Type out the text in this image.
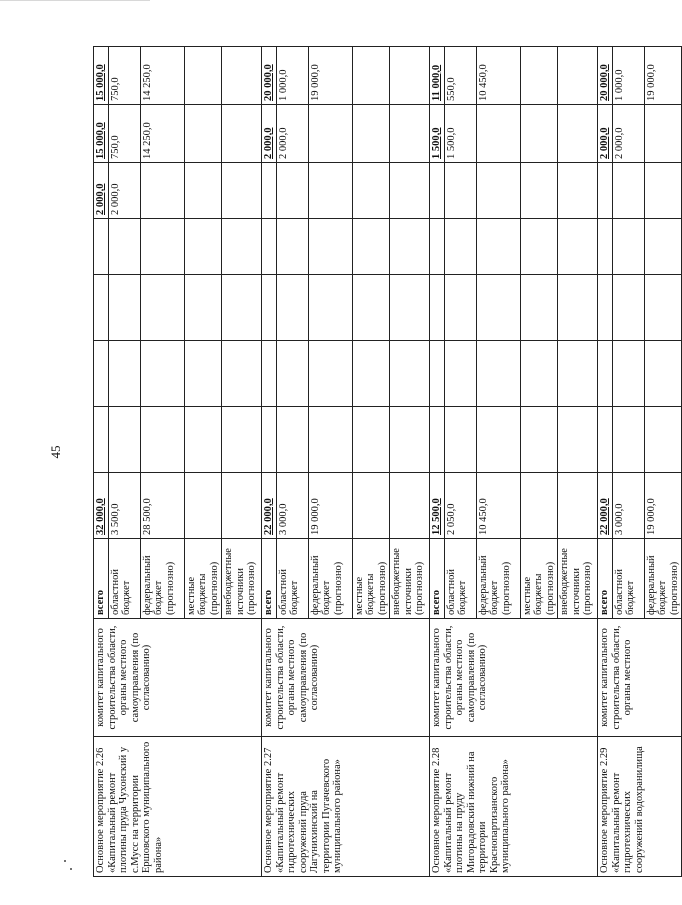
45
Основное мероприятие 2.26 «Капитальный ремонт плотины пруда Чухонский у с.Мусс на территории Ершовского муниципального района»	комитет капитального строительства области, органы местного самоуправления (по согласованию)	всего	32 000,0					2 000,0	15 000,0	15 000,0
		областной бюджет	3 500,0					2 000,0	750,0	750,0
		федеральный бюджет (прогнозно)	28 500,0						14 250,0	14 250,0
		местные бюджеты (прогнозно)								
		внебюджетные источники (прогнозно)								
Основное мероприятие 2.27 «Капитальный ремонт гидротехнических сооружений пруда Лагунихинский на территории Пугачевского муниципального района»	комитет капитального строительства области, органы местного самоуправления (по согласованию)	всего	22 000,0						2 000,0	20 000,0
		областной бюджет	3 000,0						2 000,0	1 000,0
		федеральный бюджет (прогнозно)	19 000,0							19 000,0
		местные бюджеты (прогнозно)								
		внебюджетные источники (прогнозно)								
Основное мероприятие 2.28 «Капитальный ремонт плотины на пруду Мигорадовский нижний на территории Краснопартизанского муниципального района»	комитет капитального строительства области, органы местного самоуправления (по согласованию)	всего	12 500,0						1 500,0	11 000,0
		областной бюджет	2 050,0						1 500,0	550,0
		федеральный бюджет (прогнозно)	10 450,0							10 450,0
		местные бюджеты (прогнозно)								
		внебюджетные источники (прогнозно)								
Основное мероприятие 2.29 «Капитальный ремонт гидротехнических сооружений водохранилища	комитет капитального строительства области, органы местного	всего	22 000,0						2 000,0	20 000,0
		областной бюджет	3 000,0						2 000,0	1 000,0
		федеральный бюджет (прогнозно)	19 000,0							19 000,0
